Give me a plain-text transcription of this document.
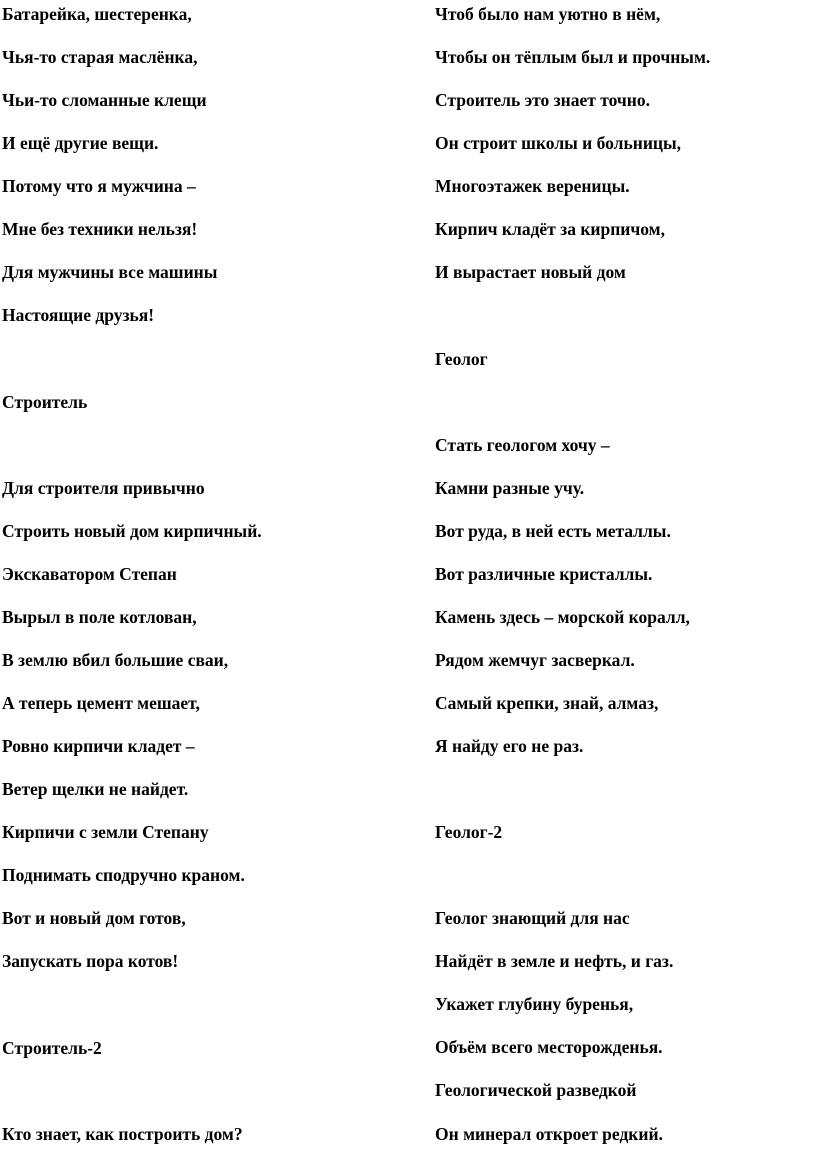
Батарейка, шестеренка,
Чья-то старая маслёнка,
Чьи-то сломанные клещи
И ещё другие вещи.
Потому что я мужчина –
Мне без техники нельзя!
Для мужчины все машины
Настоящие друзья!
Строитель
Для строителя привычно
Строить новый дом кирпичный.
Экскаватором Степан
Вырыл в поле котлован,
В землю вбил большие сваи,
А теперь цемент мешает,
Ровно кирпичи кладет –
Ветер щелки не найдет.
Кирпичи с земли Степану
Поднимать сподручно краном.
Вот и новый дом готов,
Запускать пора котов!
Строитель-2
Кто знает, как построить дом?
Чтоб было нам уютно в нём,
Чтобы он тёплым был и прочным.
Строитель это знает точно.
Он строит школы и больницы,
Многоэтажек вереницы.
Кирпич кладёт за кирпичом,
И вырастает новый дом
Геолог
Стать геологом хочу –
Камни разные учу.
Вот руда, в ней есть металлы.
Вот различные кристаллы.
Камень здесь – морской коралл,
Рядом жемчуг засверкал.
Самый крепки, знай, алмаз,
Я найду его не раз.
Геолог-2
Геолог знающий для нас
Найдёт в земле и нефть, и газ.
Укажет глубину буренья,
Объём всего месторожденья.
Геологической разведкой
Он минерал откроет редкий.
